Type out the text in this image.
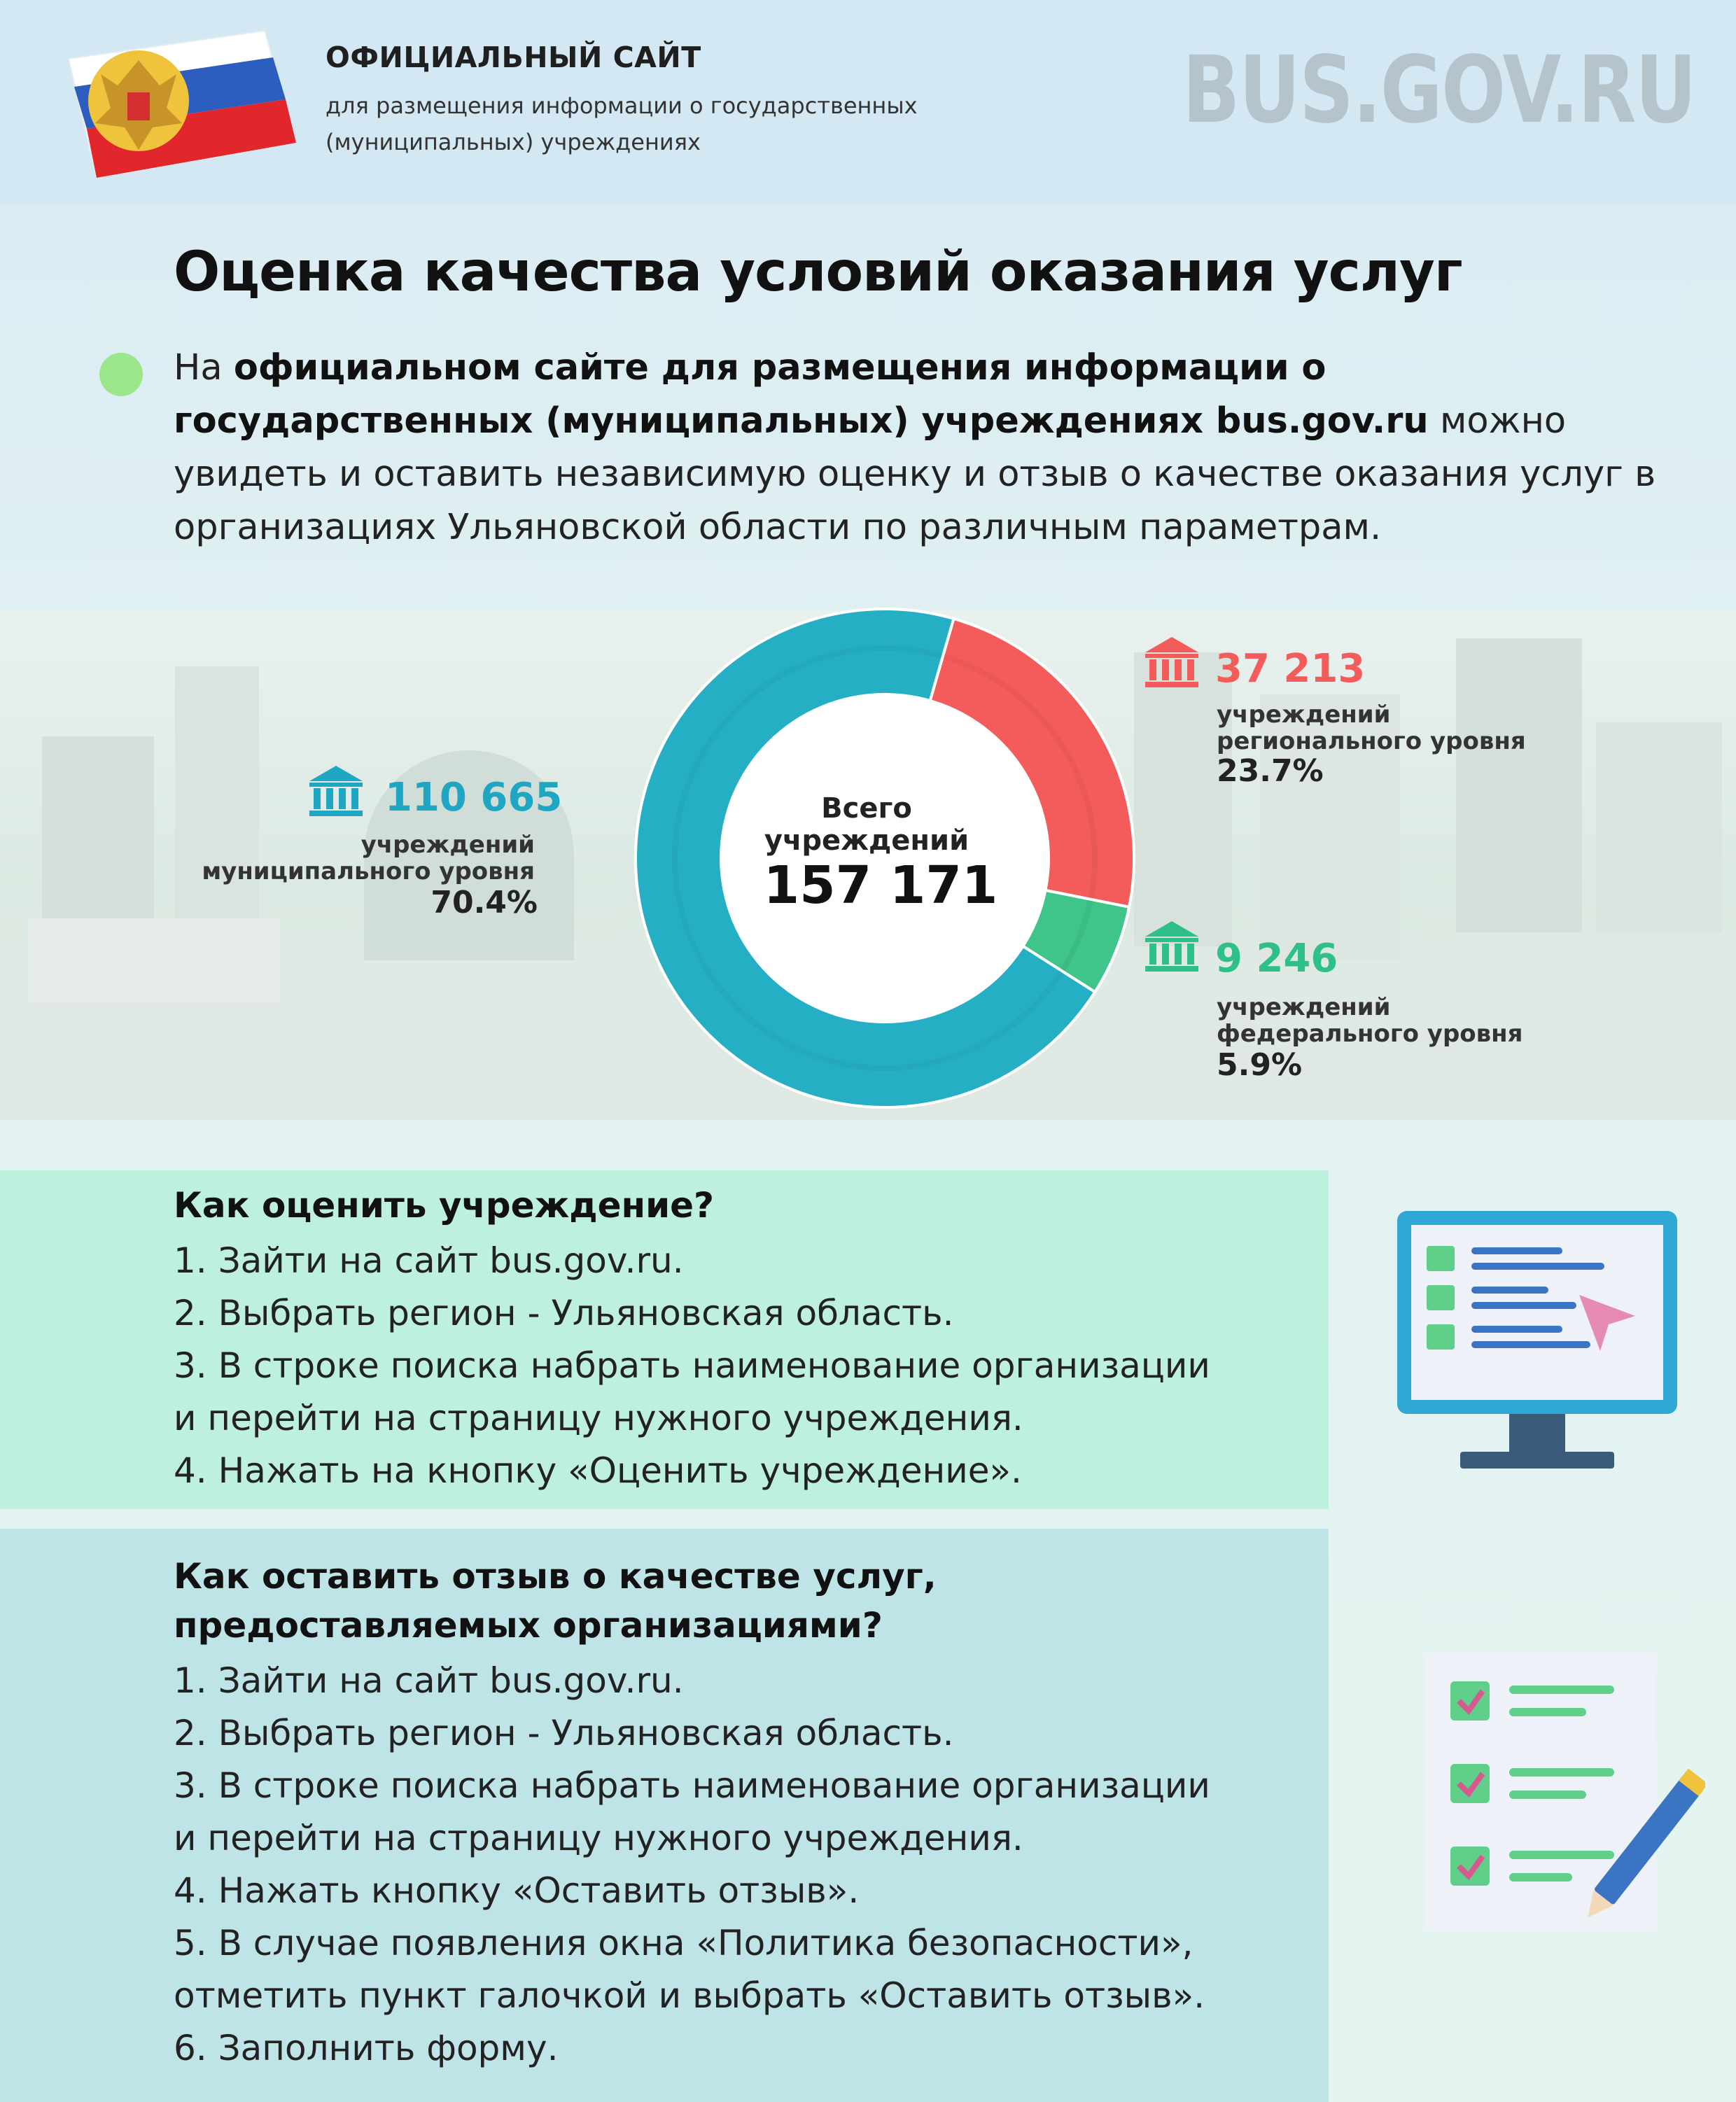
ОФИЦИАЛЬНЫЙ САЙТ
для размещения информации о государственных
(муниципальных) учреждениях	BUS.GOV.RU
Оценка качества условий оказания услуг
На официальном сайте для размещения информации о государственных (муниципальных) учреждениях bus.gov.ru можно увидеть и оставить независимую оценку и отзыв о качестве оказания услуг в организациях Ульяновской области по различным параметрам.
Всего
учреждений
157 171
37 213
учреждений
регионального уровня
23.7%
9 246
учреждений
федерального уровня
5.9%
110 665
учреждений
муниципального уровня
70.4%
Как оценить учреждение?
1. Зайти на сайт bus.gov.ru.
2. Выбрать регион - Ульяновская область.
3. В строке поиска набрать наименование организации
и перейти на страницу нужного учреждения.
4. Нажать на кнопку «Оценить учреждение».
Как оставить отзыв о качестве услуг,
предоставляемых организациями?
1. Зайти на сайт bus.gov.ru.
2. Выбрать регион - Ульяновская область.
3. В строке поиска набрать наименование организации
и перейти на страницу нужного учреждения.
4. Нажать кнопку «Оставить отзыв».
5. В случае появления окна «Политика безопасности»,
отметить пункт галочкой и выбрать «Оставить отзыв».
6. Заполнить форму.
